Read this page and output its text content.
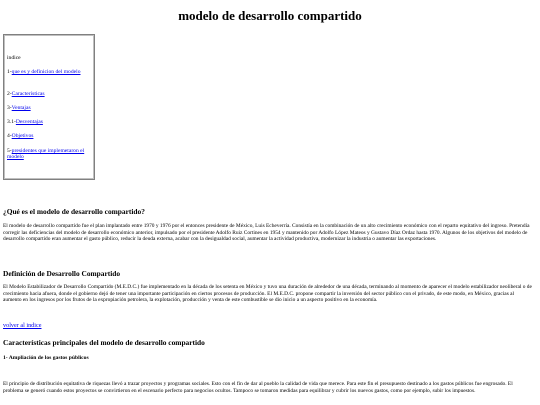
modelo de desarrollo compartido
indice
1-que es y definicion del modelo
2-Características
3-Ventajas
3.1-Desventajas
4-Objetivos
5-presidentes que implemetaron el modelo
¿Qué es el modelo de desarrollo compartido?
El modelo de desarrollo compartido fue el plan implantado entre 1970 y 1976 por el entonces presidente de México, Luis Echeverría. Consistía en la combinación de un alto crecimiento económico con el reparto equitativo del ingreso. Pretendía corregir las deficiencias del modelo de desarrollo económico anterior, impulsado por el presidente Adolfo Ruiz Cortines en 1954 y mantenido por Adolfo López Mateos y Gustavo Díaz Ordaz hasta 1970. Algunos de los objetivos del modelo de desarrollo compartido eran aumentar el gasto público, reducir la deuda externa, acabar con la desigualdad social, aumentar la actividad productiva, modernizar la industria o aumentar las exportaciones.
Definición de Desarrollo Compartido
El Modelo Estabilizador de Desarrollo Compartido (M.E.D.C.) fue implementado en la década de los setenta en México y tuvo una duración de alrededor de una década, terminando al momento de aparecer el modelo estabilizador neoliberal o de crecimiento hacia afuera, donde el gobierno dejó de tener una importante participación en ciertos procesos de producción. El M.E.D.C. propone compartir la inversión del sector público con el privado, de este modo, en México, gracias al aumento en los ingresos por los frutos de la expropiación petrolera, la explotación, producción y venta de este combustible se dio inicio a un aspecto positivo en la economía.
volver al indice
Características principales del modelo de desarrollo compartido
1- Ampliación de los gastos públicos
El principio de distribución equitativa de riquezas llevó a trazar proyectos y programas sociales. Esto con el fin de dar al pueblo la calidad de vida que merece. Para este fin el presupuesto destinado a los gastos públicos fue engrosado. El problema se generó cuando estos proyectos se convirtieron en el escenario perfecto para negocios ocultos. Tampoco se tomaron medidas para equilibrar y cubrir los nuevos gastos, como por ejemplo, subir los impuestos.
